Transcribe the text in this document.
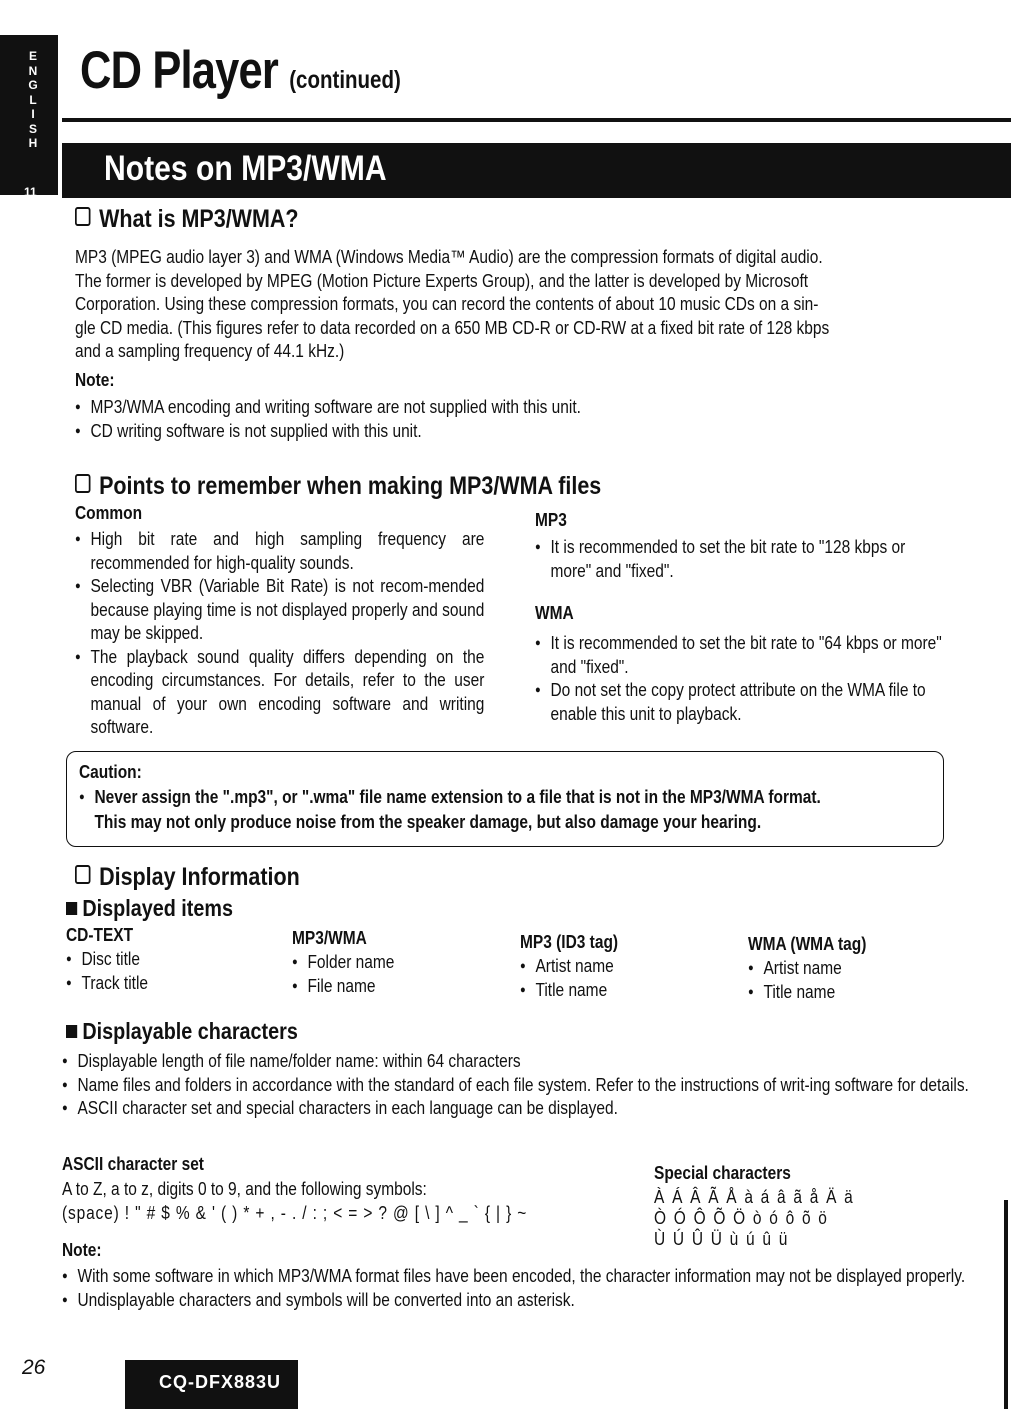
E
N
G
L
I
S
H
11
CD Player (continued)
Notes on MP3/WMA
What is MP3/WMA?
MP3 (MPEG audio layer 3) and WMA (Windows Media™ Audio) are the compression formats of digital audio.
The former is developed by MPEG (Motion Picture Experts Group), and the latter is developed by Microsoft
Corporation. Using these compression formats, you can record the contents of about 10 music CDs on a sin-
gle CD media. (This figures refer to data recorded on a 650 MB CD-R or CD-RW at a fixed bit rate of 128 kbps
and a sampling frequency of 44.1 kHz.)
Note:
● MP3/WMA encoding and writing software are not supplied with this unit.
● CD writing software is not supplied with this unit.
Points to remember when making MP3/WMA files
Common
● High bit rate and high sampling frequency are recommended for high-quality sounds.
● Selecting VBR (Variable Bit Rate) is not recom-mended because playing time is not displayed properly and sound may be skipped.
● The playback sound quality differs depending on the encoding circumstances. For details, refer to the user manual of your own encoding software and writing software.
MP3
● It is recommended to set the bit rate to "128 kbps or more" and "fixed".
WMA
● It is recommended to set the bit rate to "64 kbps or more" and "fixed".
● Do not set the copy protect attribute on the WMA file to enable this unit to playback.
Caution:
● Never assign the ".mp3", or ".wma" file name extension to a file that is not in the MP3/WMA format.
This may not only produce noise from the speaker damage, but also damage your hearing.
Display Information
Displayed items
CD-TEXT
● Disc title
● Track title
MP3/WMA
● Folder name
● File name
MP3 (ID3 tag)
● Artist name
● Title name
WMA (WMA tag)
● Artist name
● Title name
Displayable characters
● Displayable length of file name/folder name: within 64 characters
● Name files and folders in accordance with the standard of each file system. Refer to the instructions of writ-ing software for details.
● ASCII character set and special characters in each language can be displayed.
ASCII character set
A to Z, a to z, digits 0 to 9, and the following symbols:
(space) ! " # $ % & ' ( ) * + , - . / : ; < = > ? @ [ \ ] ^ _ ` { | } ~
Special characters
À Á Â Ã Å à á â ã å Ä ä
Ò Ó Ô Õ Ö ò ó ô õ ö
Ù Ú Û Ü ù ú û ü
Note:
● With some software in which MP3/WMA format files have been encoded, the character information may not be displayed properly.
● Undisplayable characters and symbols will be converted into an asterisk.
26
CQ-DFX883U
